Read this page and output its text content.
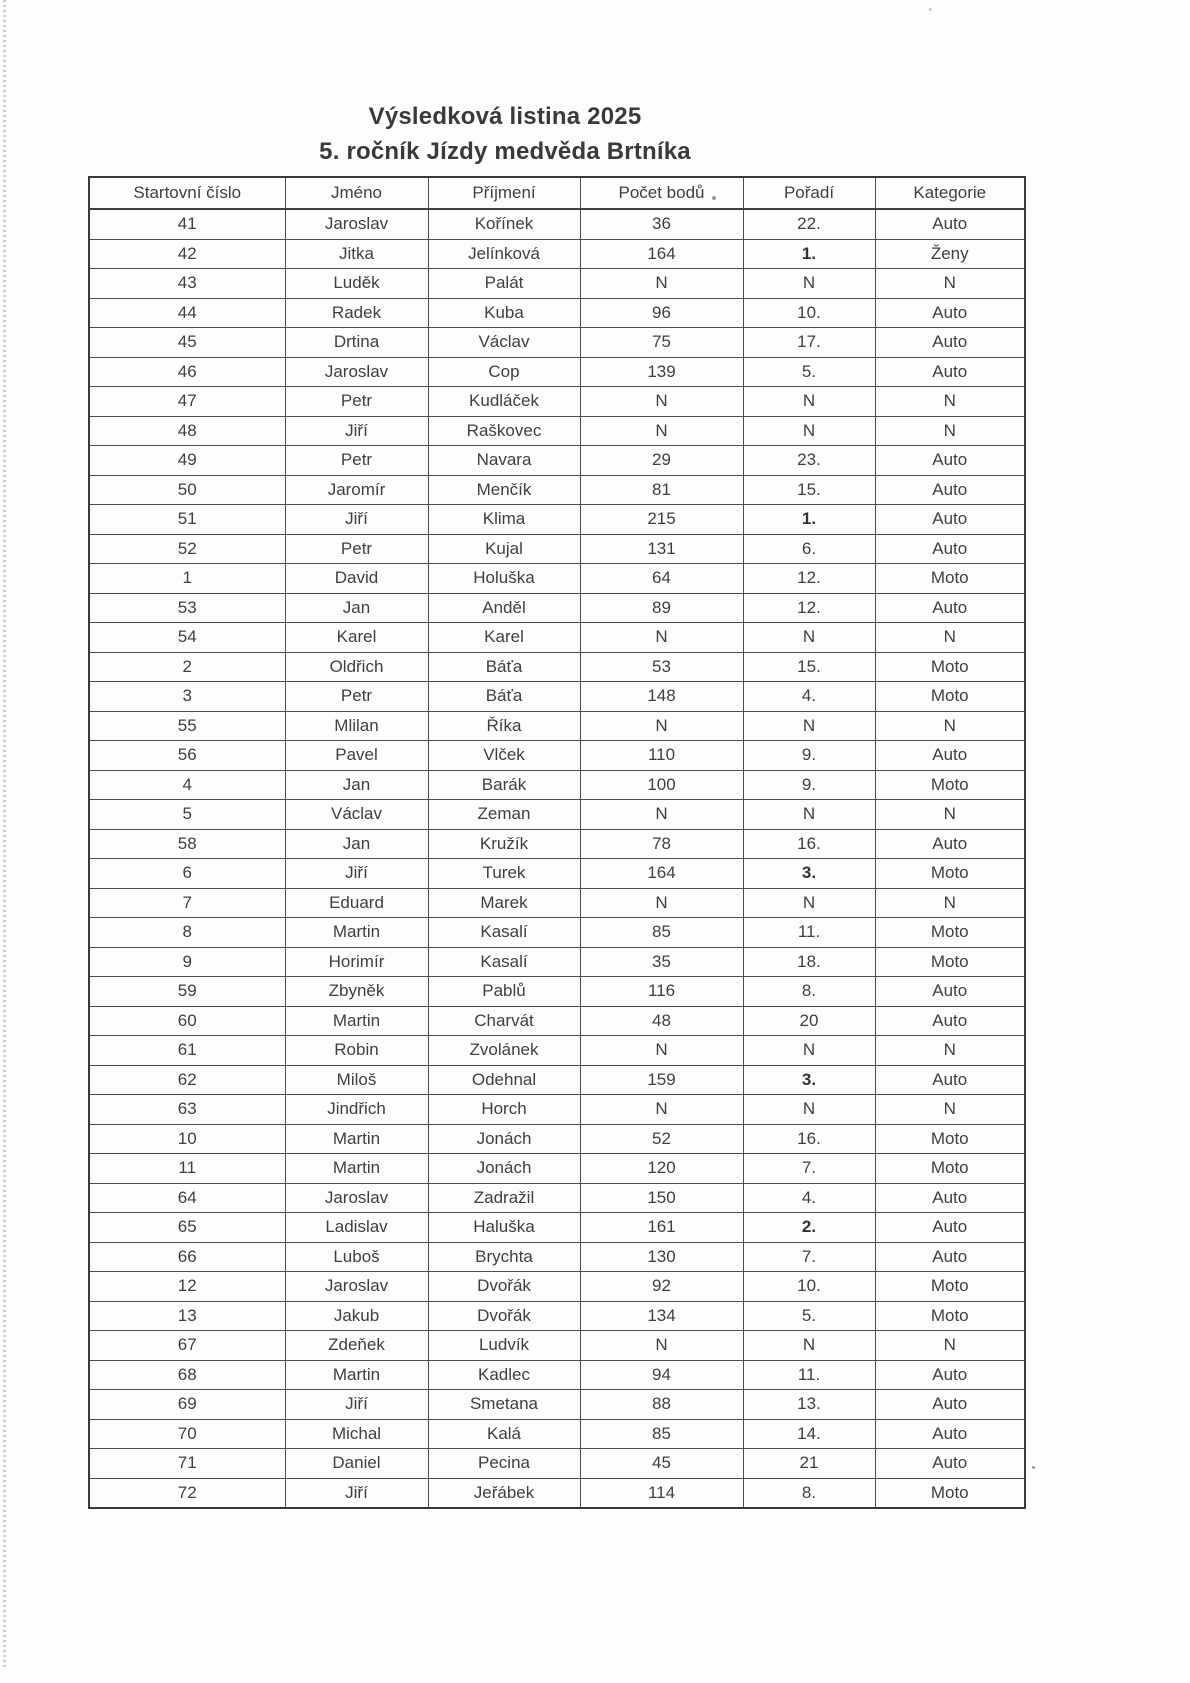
Výsledková listina 2025
5. ročník Jízdy medvěda Brtníka
Startovní číslo	Jméno	Příjmení	Počet bodů	Pořadí	Kategorie
41	Jaroslav	Kořínek	36	22.	Auto
42	Jitka	Jelínková	164	1.	Ženy
43	Luděk	Palát	N	N	N
44	Radek	Kuba	96	10.	Auto
45	Drtina	Václav	75	17.	Auto
46	Jaroslav	Cop	139	5.	Auto
47	Petr	Kudláček	N	N	N
48	Jiří	Raškovec	N	N	N
49	Petr	Navara	29	23.	Auto
50	Jaromír	Menčík	81	15.	Auto
51	Jiří	Klima	215	1.	Auto
52	Petr	Kujal	131	6.	Auto
1	David	Holuška	64	12.	Moto
53	Jan	Anděl	89	12.	Auto
54	Karel	Karel	N	N	N
2	Oldřich	Báťa	53	15.	Moto
3	Petr	Báťa	148	4.	Moto
55	Mlilan	Říka	N	N	N
56	Pavel	Vlček	110	9.	Auto
4	Jan	Barák	100	9.	Moto
5	Václav	Zeman	N	N	N
58	Jan	Kružík	78	16.	Auto
6	Jiří	Turek	164	3.	Moto
7	Eduard	Marek	N	N	N
8	Martin	Kasalí	85	11.	Moto
9	Horimír	Kasalí	35	18.	Moto
59	Zbyněk	Pablů	116	8.	Auto
60	Martin	Charvát	48	20	Auto
61	Robin	Zvolánek	N	N	N
62	Miloš	Odehnal	159	3.	Auto
63	Jindřich	Horch	N	N	N
10	Martin	Jonách	52	16.	Moto
11	Martin	Jonách	120	7.	Moto
64	Jaroslav	Zadražil	150	4.	Auto
65	Ladislav	Haluška	161	2.	Auto
66	Luboš	Brychta	130	7.	Auto
12	Jaroslav	Dvořák	92	10.	Moto
13	Jakub	Dvořák	134	5.	Moto
67	Zdeňek	Ludvík	N	N	N
68	Martin	Kadlec	94	11.	Auto
69	Jiří	Smetana	88	13.	Auto
70	Michal	Kalá	85	14.	Auto
71	Daniel	Pecina	45	21	Auto
72	Jiří	Jeřábek	114	8.	Moto
